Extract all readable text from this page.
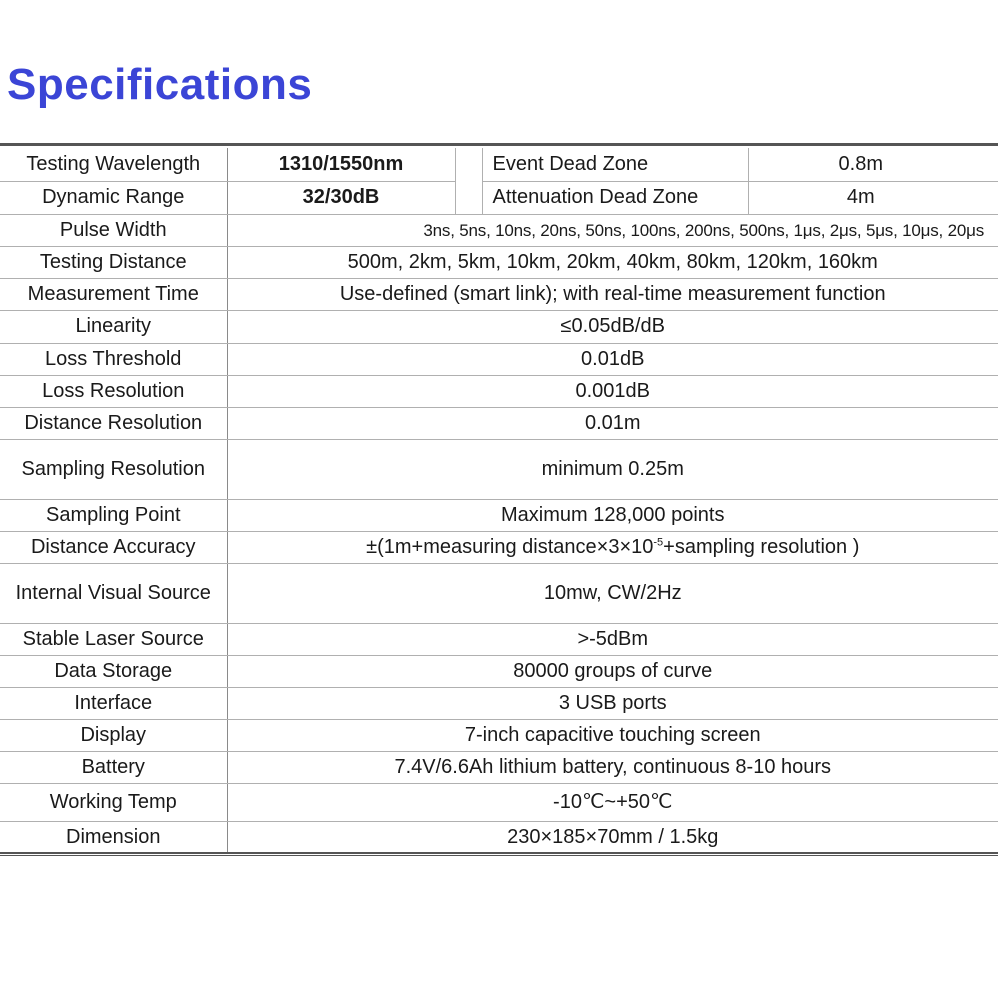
Specifications
Testing Wavelength	1310/1550nm		Event Dead Zone	0.8m	
Dynamic Range	32/30dB		Attenuation Dead Zone	4m	
Pulse Width	3ns, 5ns, 10ns, 20ns, 50ns, 100ns, 200ns, 500ns, 1μs, 2μs, 5μs, 10μs, 20μs				
Testing Distance	500m, 2km, 5km, 10km, 20km, 40km, 80km, 120km, 160km				
Measurement Time	Use-defined (smart link); with real-time measurement function				
Linearity	≤0.05dB/dB				
Loss Threshold	0.01dB				
Loss Resolution	0.001dB				
Distance Resolution	0.01m				
Sampling Resolution	minimum 0.25m				
Sampling Point	Maximum 128,000 points				
Distance Accuracy	±(1m+measuring $distance\times 3\times 10^{-5}+sampling$ resolution )				
Internal Visual Source	10mw, CW/2Hz				
Stable Laser Source	>-5dBm				
Data Storage	80000 groups of curve				
Interface	3 USB ports				
Display	7-inch capacitive touching screen				
Battery	7.4V/6.6Ah lithium battery, continuous 8-10 hours				
Working Temp	-10℃~+50℃				
Dimension	230×185×70mm / 1.5kg				
